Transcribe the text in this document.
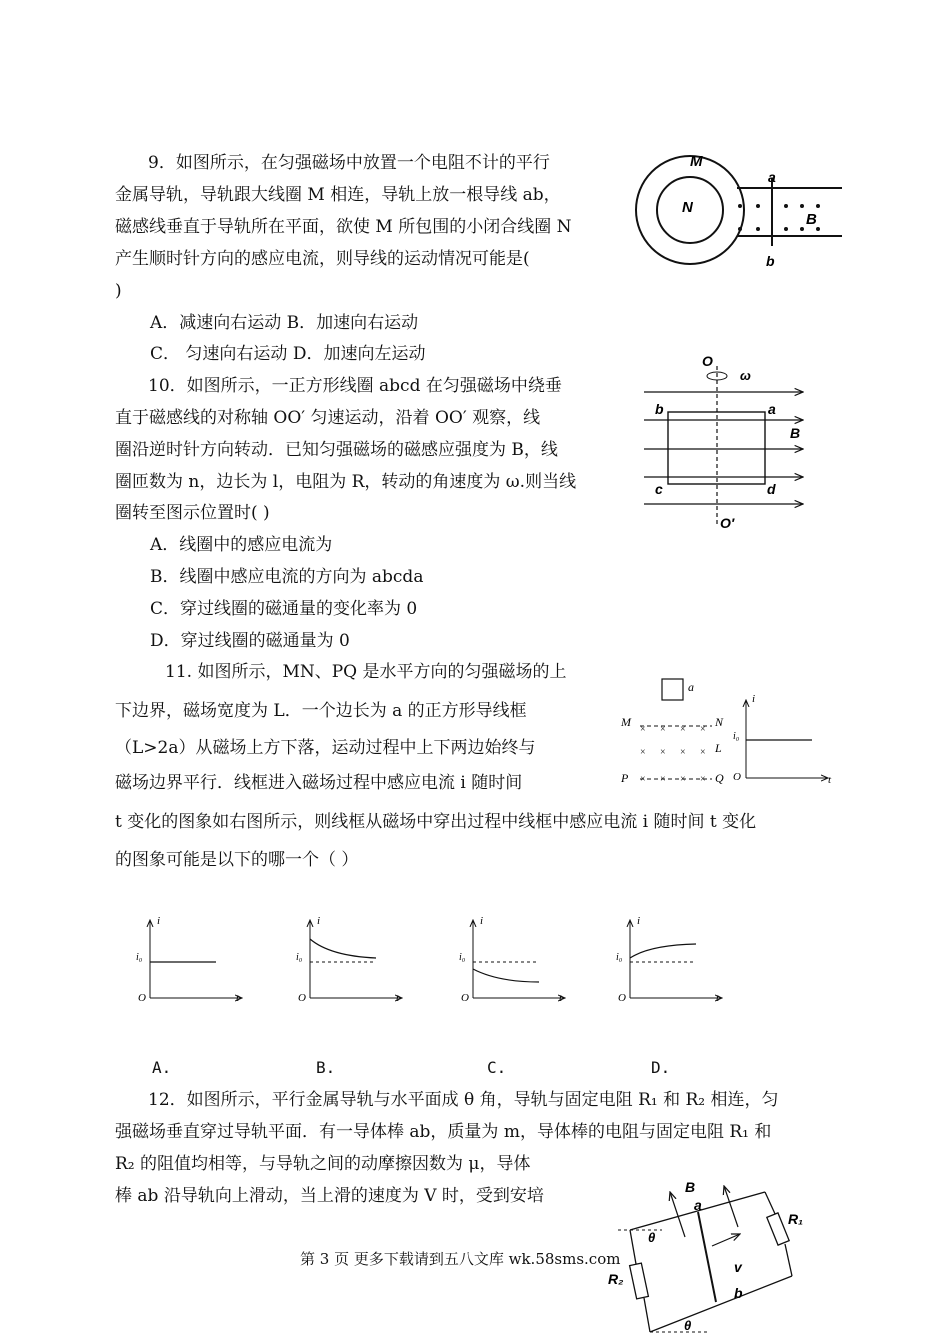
9．如图所示，在匀强磁场中放置一个电阻不计的平行
金属导轨，导轨跟大线圈 M 相连，导轨上放一根导线 ab，
磁感线垂直于导轨所在平面，欲使 M 所包围的小闭合线圈 N
产生顺时针方向的感应电流，则导线的运动情况可能是(
)
A．减速向右运动 B．加速向右运动
C． 匀速向右运动 D．加速向左运动
M
N
a
b
B
10．如图所示，一正方形线圈 abcd 在匀强磁场中绕垂
直于磁感线的对称轴 OO′ 匀速运动，沿着 OO′ 观察，线
圈沿逆时针方向转动．已知匀强磁场的磁感应强度为 B，线
圈匝数为 n，边长为 l，电阻为 R，转动的角速度为 ω.则当线
圈转至图示位置时( )
A．线圈中的感应电流为
B．线圈中感应电流的方向为 abcda
C．穿过线圈的磁通量的变化率为 0
D．穿过线圈的磁通量为 0
O
ω
b	a
B
c	d
O′
11. 如图所示，MN、PQ 是水平方向的匀强磁场的上
下边界，磁场宽度为 L．一个边长为 a 的正方形导线框
（L>2a）从磁场上方下落，运动过程中上下两边始终与
磁场边界平行．线框进入磁场过程中感应电流 i 随时间
t 变化的图象如右图所示，则线框从磁场中穿出过程中线框中感应电流 i 随时间 t 变化
的图象可能是以下的哪一个（ ）
× × × ×
× × × ×
× × × ×
a
M	N
L
P	Q
i
i₀
O	t
i
i₀
O	t
i
i₀
O	t
i
i₀
O	t
i
i₀
O	t
A.	B.	C.	D.
12．如图所示，平行金属导轨与水平面成 θ 角，导轨与固定电阻 R₁ 和 R₂ 相连，匀
强磁场垂直穿过导轨平面．有一导体棒 ab，质量为 m，导体棒的电阻与固定电阻 R₁ 和
R₂ 的阻值均相等，与导轨之间的动摩擦因数为 μ，导体
棒 ab 沿导轨向上滑动，当上滑的速度为 V 时，受到安培	B
a
v
R₁
R₂
b
θ
θ
第 3 页 更多下载请到五八文库 wk.58sms.com
